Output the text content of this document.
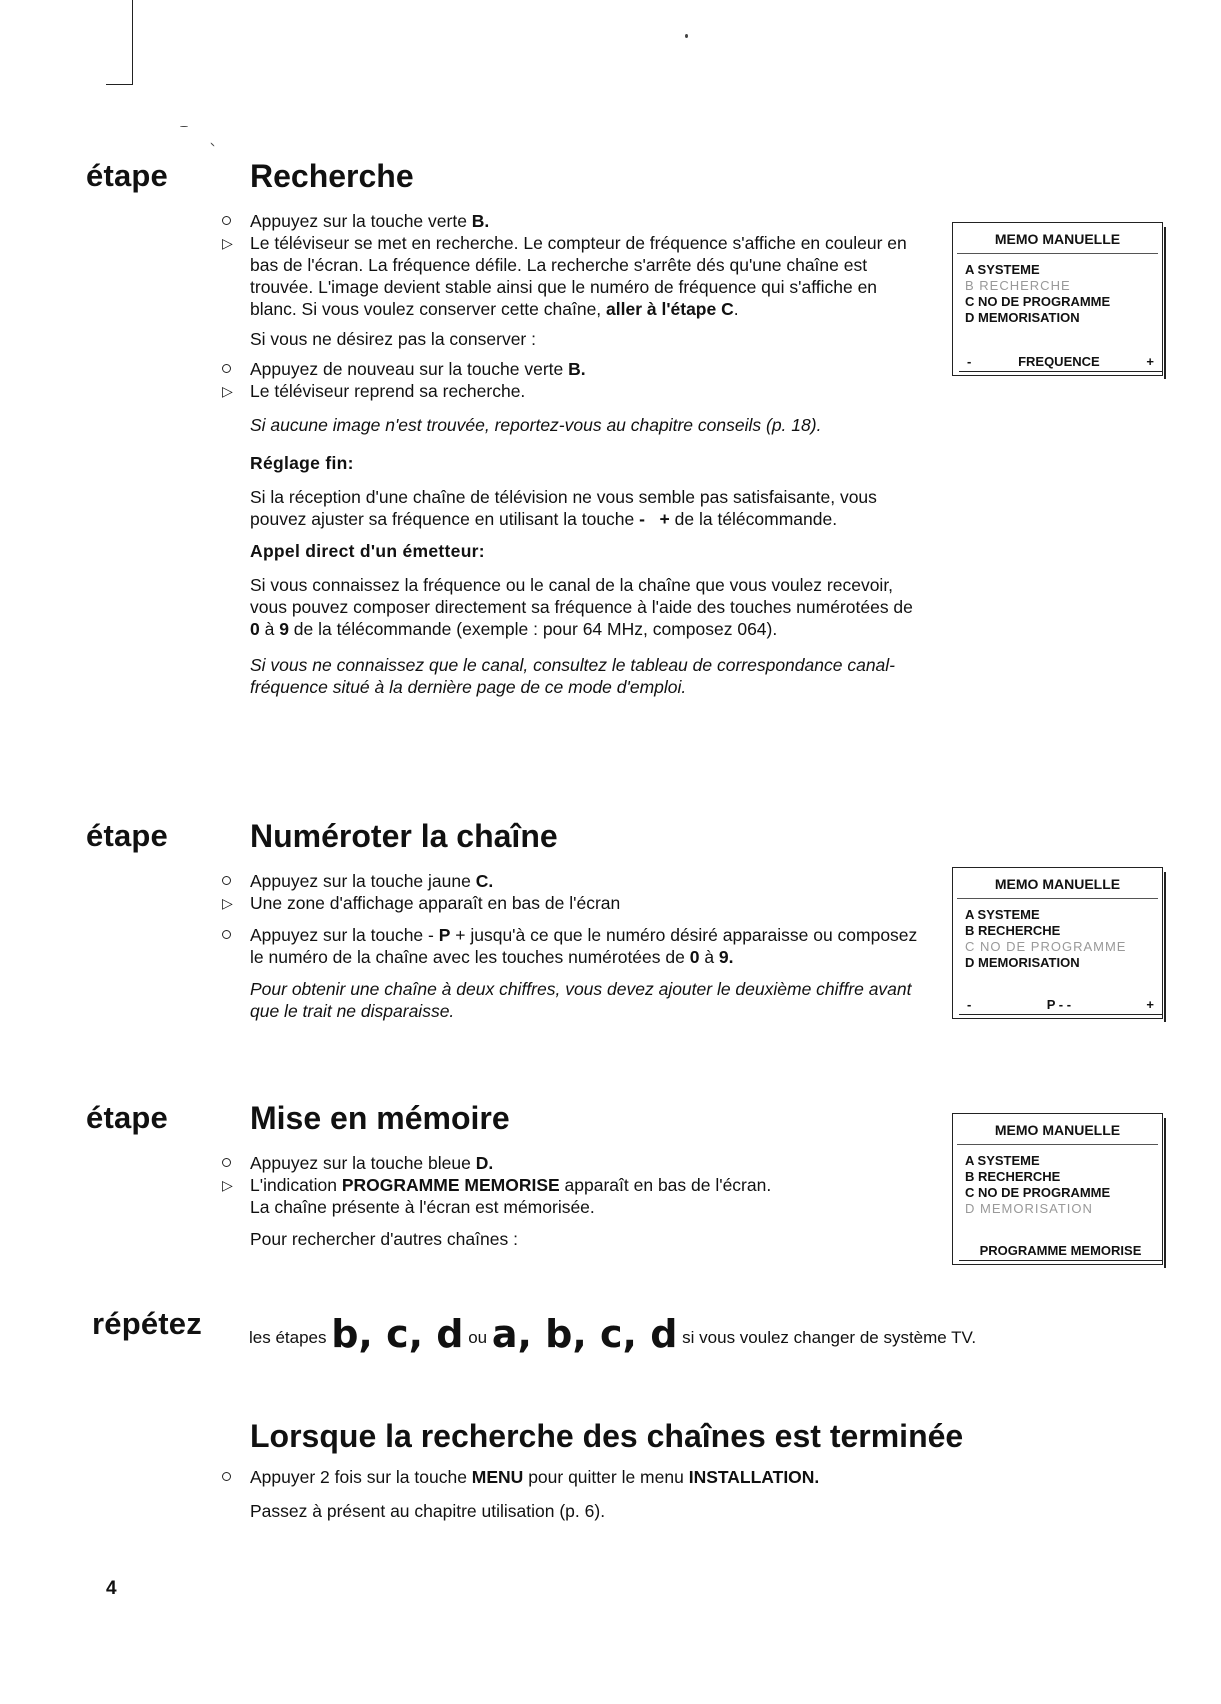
étape	Recherche
Appuyez sur la touche verte B.
▷ Le téléviseur se met en recherche. Le compteur de fréquence s'affiche en couleur en bas de l'écran. La fréquence défile. La recherche s'arrête dés qu'une chaîne est trouvée. L'image devient stable ainsi que le numéro de fréquence qui s'affiche en blanc. Si vous voulez conserver cette chaîne, aller à l'étape C.
Si vous ne désirez pas la conserver :
Appuyez de nouveau sur la touche verte B.
▷ Le téléviseur reprend sa recherche.
Si aucune image n'est trouvée, reportez-vous au chapitre conseils (p. 18).
Réglage fin:
Si la réception d'une chaîne de télévision ne vous semble pas satisfaisante, vous pouvez ajuster sa fréquence en utilisant la touche -   + de la télécommande.
Appel direct d'un émetteur:
Si vous connaissez la fréquence ou le canal de la chaîne que vous voulez recevoir, vous pouvez composer directement sa fréquence à l'aide des touches numérotées de 0 à 9 de la télécommande (exemple : pour 64 MHz, composez 064).
Si vous ne connaissez que le canal, consultez le tableau de correspondance canal-fréquence situé à la dernière page de ce mode d'emploi.
MEMO MANUELLE
A SYSTEME
B RECHERCHE
C NO DE PROGRAMME
D MEMORISATION
-	FREQUENCE	+
étape	Numéroter la chaîne
Appuyez sur la touche jaune C.
▷ Une zone d'affichage apparaît en bas de l'écran
Appuyez sur la touche - P + jusqu'à ce que le numéro désiré apparaisse ou composez le numéro de la chaîne avec les touches numérotées de 0 à 9.
Pour obtenir une chaîne à deux chiffres, vous devez ajouter le deuxième chiffre avant que le trait ne disparaisse.
MEMO MANUELLE
A SYSTEME
B RECHERCHE
C NO DE PROGRAMME
D MEMORISATION
-	P - -	+
étape	Mise en mémoire
Appuyez sur la touche bleue D.
▷ L'indication PROGRAMME MEMORISE apparaît en bas de l'écran.
La chaîne présente à l'écran est mémorisée.
Pour rechercher d'autres chaînes :
MEMO MANUELLE
A SYSTEME
B RECHERCHE
C NO DE PROGRAMME
D MEMORISATION
PROGRAMME MEMORISE
répétez	les étapes b, c, d ou a, b, c, d si vous voulez changer de système TV.
Lorsque la recherche des chaînes est terminée
Appuyer 2 fois sur la touche MENU pour quitter le menu INSTALLATION.
Passez à présent au chapitre utilisation (p. 6).
4
